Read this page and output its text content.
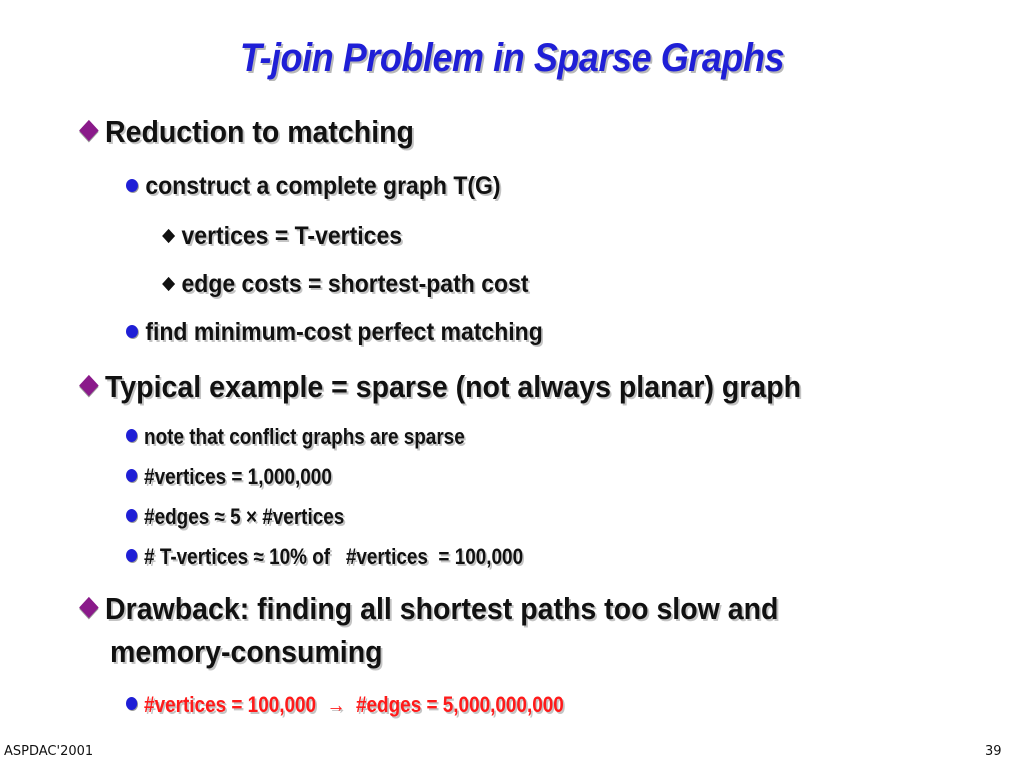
T-join Problem in Sparse Graphs
Reduction to matching
construct a complete graph T(G)
vertices = T-vertices
edge costs = shortest-path cost
find minimum-cost perfect matching
Typical example = sparse (not always planar) graph
note that conflict graphs are sparse
#vertices = 1,000,000
#edges ≈ 5 × #vertices
# T-vertices ≈ 10% of   #vertices  = 100,000
Drawback: finding all shortest paths too slow and
memory-consuming
#vertices = 100,000  →  #edges = 5,000,000,000
ASPDAC'2001	39
